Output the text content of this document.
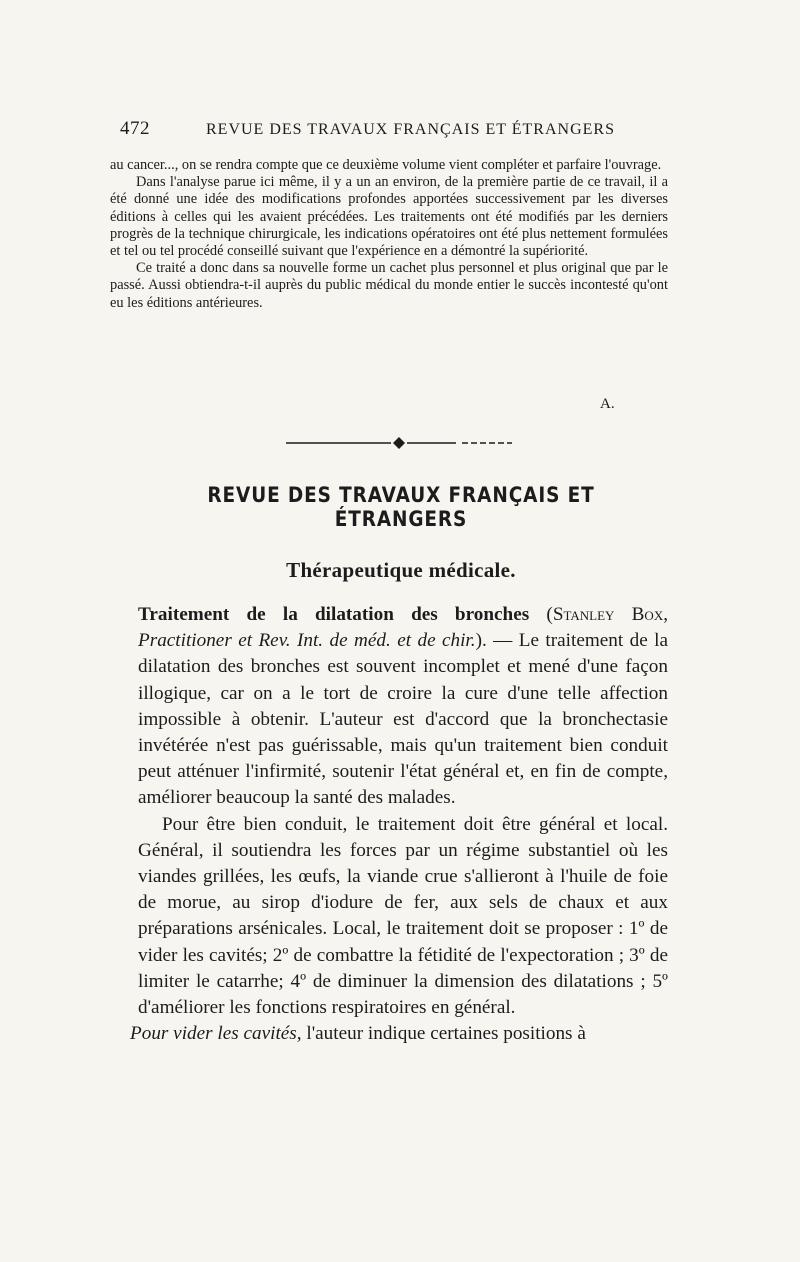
472	REVUE DES TRAVAUX FRANÇAIS ET ÉTRANGERS

au cancer..., on se rendra compte que ce deuxième volume vient compléter et parfaire l'ouvrage.

Dans l'analyse parue ici même, il y a un an environ, de la première partie de ce travail, il a été donné une idée des modifications profondes apportées successivement par les diverses éditions à celles qui les avaient précédées. Les traitements ont été modifiés par les derniers progrès de la technique chirurgicale, les indications opératoires ont été plus nettement formulées et tel ou tel procédé conseillé suivant que l'expérience en a démontré la supériorité.

Ce traité a donc dans sa nouvelle forme un cachet plus personnel et plus original que par le passé. Aussi obtiendra-t-il auprès du public médical du monde entier le succès incontesté qu'ont eu les éditions antérieures.

A.
REVUE DES TRAVAUX FRANÇAIS ET ÉTRANGERS
Thérapeutique médicale.

Traitement de la dilatation des bronches (Stanley Box, Practitioner et Rev. Int. de méd. et de chir.). — Le traitement de la dilatation des bronches est souvent incomplet et mené d'une façon illogique, car on a le tort de croire la cure d'une telle affection impossible à obtenir. L'auteur est d'accord que la bronchectasie invétérée n'est pas guérissable, mais qu'un traitement bien conduit peut atténuer l'infirmité, soutenir l'état général et, en fin de compte, améliorer beaucoup la santé des malades.

Pour être bien conduit, le traitement doit être général et local. Général, il soutiendra les forces par un régime substantiel où les viandes grillées, les œufs, la viande crue s'allieront à l'huile de foie de morue, au sirop d'iodure de fer, aux sels de chaux et aux préparations arsénicales. Local, le traitement doit se proposer : 1º de vider les cavités; 2º de combattre la fétidité de l'expectoration ; 3º de limiter le catarrhe; 4º de diminuer la dimension des dilatations ; 5º d'améliorer les fonctions respiratoires en général.

Pour vider les cavités, l'auteur indique certaines positions à
